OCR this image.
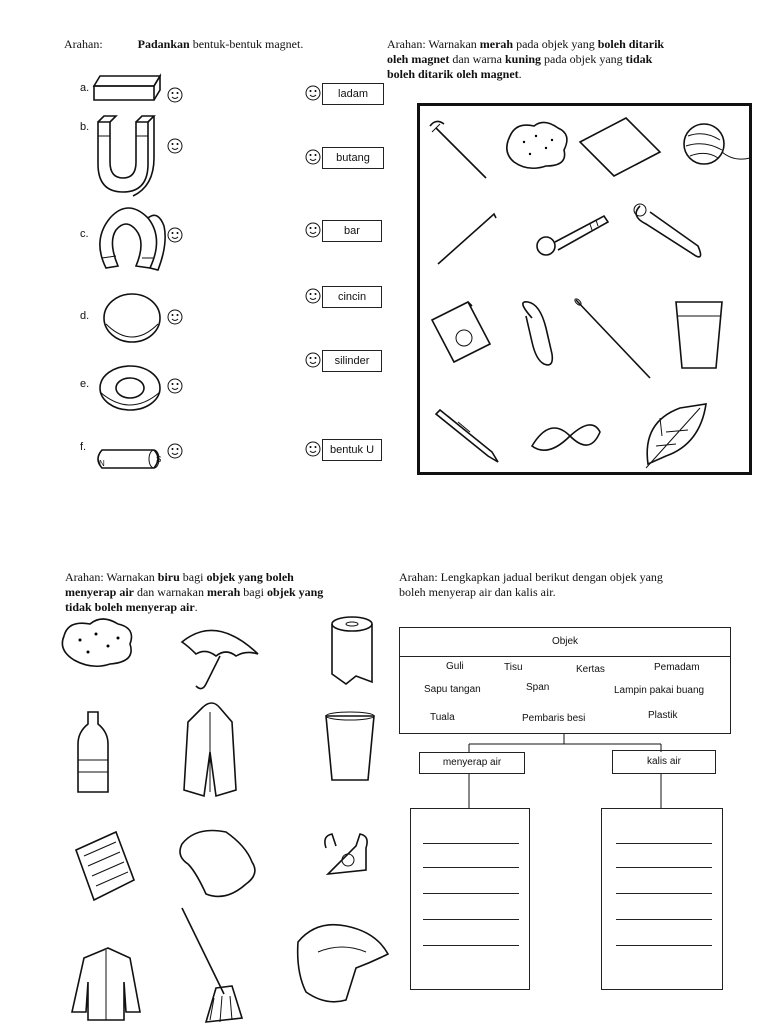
Arahan:	Padankan bentuk-bentuk magnet.
a.
b.
c.
d.
e.
f.
N	S
ladam
butang
bar
cincin
silinder
bentuk U
Arahan: Warnakan merah pada objek yang boleh ditarik
oleh magnet dan warna kuning pada objek yang tidak
boleh ditarik oleh magnet.
Arahan: Warnakan biru bagi objek yang boleh
menyerap air dan warnakan merah bagi objek yang
tidak boleh menyerap air.
Arahan: Lengkapkan jadual berikut dengan objek yang
boleh menyerap air dan kalis air.
Objek
Guli	Tisu	Kertas	Pemadam
Sapu tangan	Span	Lampin pakai buang
Tuala	Pembaris besi	Plastik
menyerap air	kalis air
